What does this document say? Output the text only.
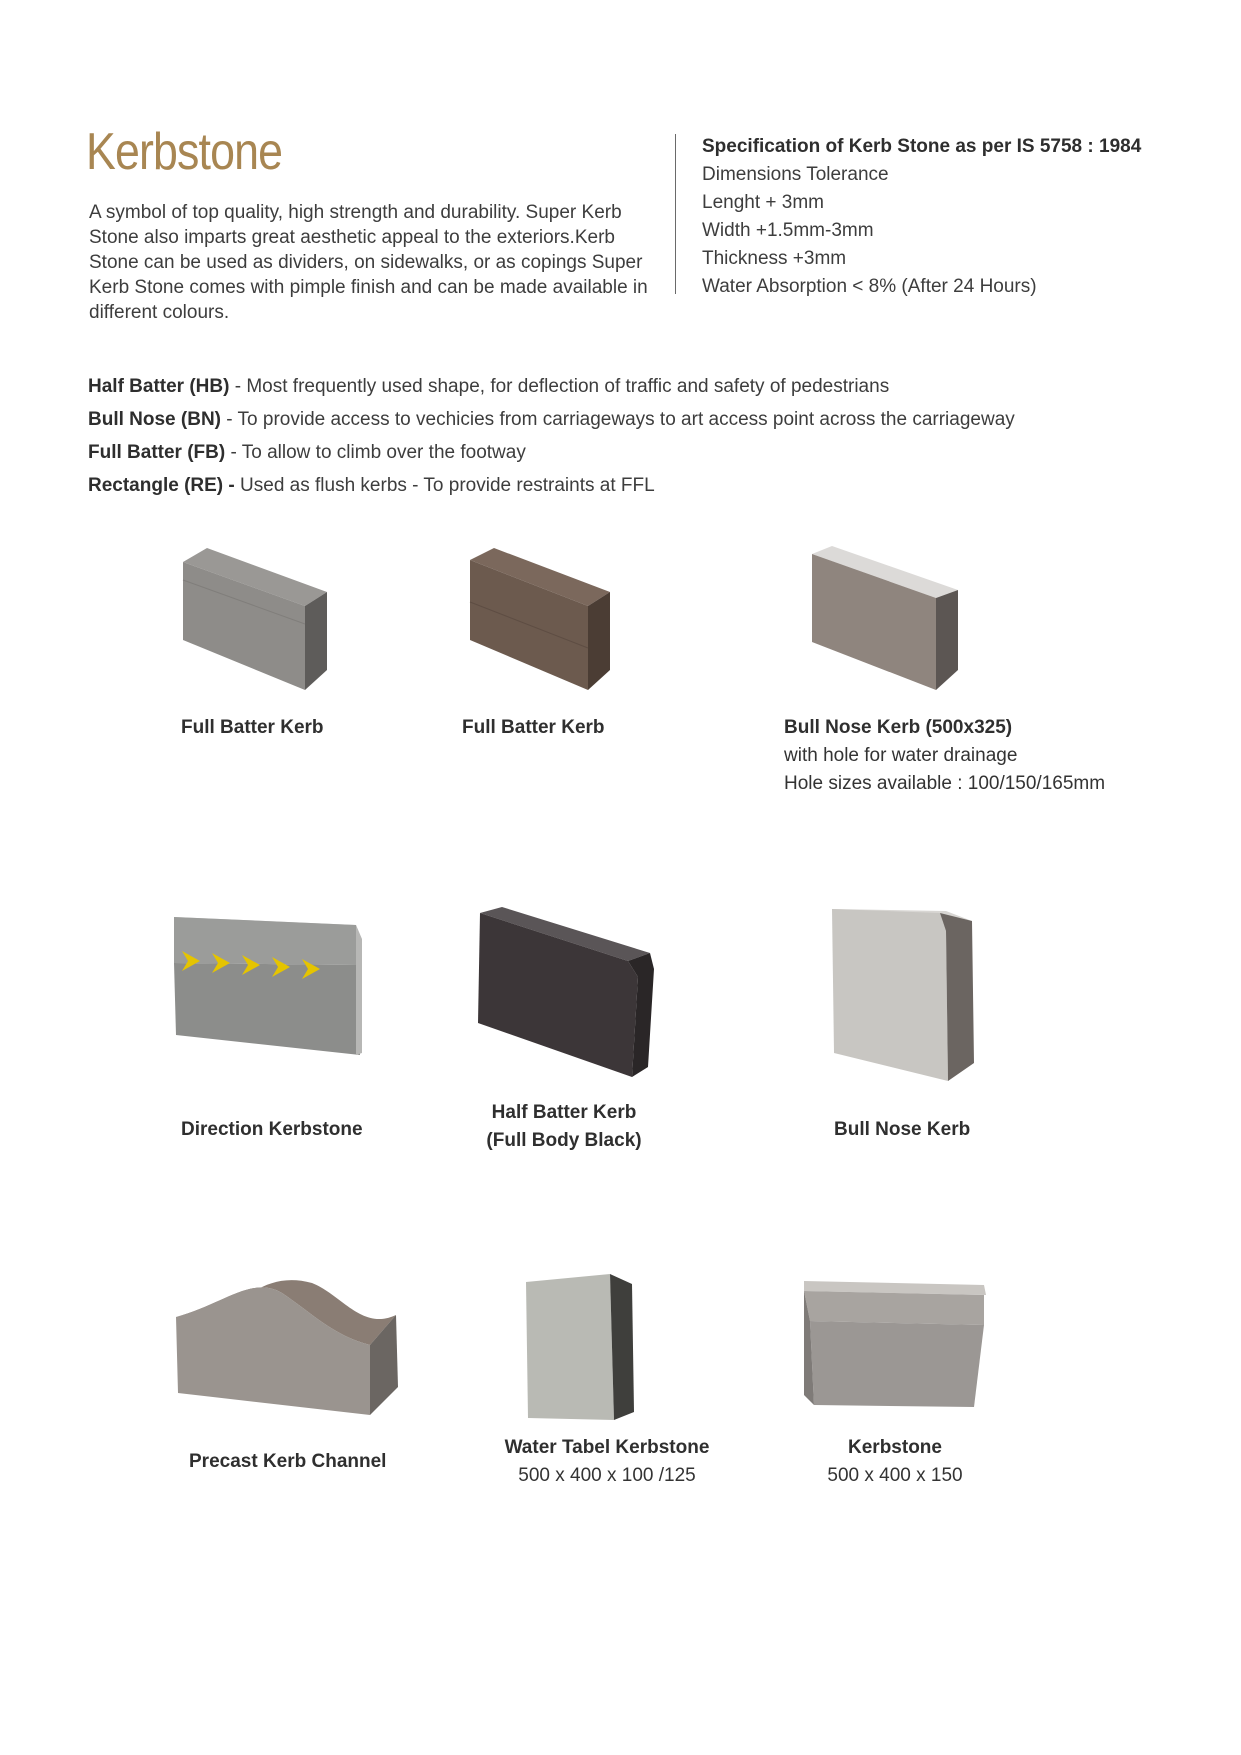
Kerbstone

A symbol of top quality, high strength and durability. Super Kerb Stone also imparts great aesthetic appeal to the exteriors.Kerb Stone can be used as dividers, on sidewalks, or as copings Super Kerb Stone comes with pimple finish and can be made available in different colours.

Specification of Kerb Stone as per IS 5758 : 1984
Dimensions Tolerance
Lenght + 3mm
Width +1.5mm-3mm
Thickness +3mm
Water Absorption < 8% (After 24 Hours)
Half Batter (HB) - Most frequently used shape, for deflection of traffic and safety of pedestrians
Bull Nose (BN) - To provide access to vechicies from carriageways to art access point across the carriageway
Full Batter (FB) - To allow to climb over the footway
Rectangle (RE) - Used as flush kerbs - To provide restraints at FFL
Full Batter Kerb	Full Batter Kerb	Bull Nose Kerb (500x325)
with hole for water drainage
Hole sizes available : 100/150/165mm
Direction Kerbstone
Half Batter Kerb
(Full Body Black)
Bull Nose Kerb
Precast Kerb Channel
Water Tabel Kerbstone
500 x 400 x 100 /125
Kerbstone
500 x 400 x 150
